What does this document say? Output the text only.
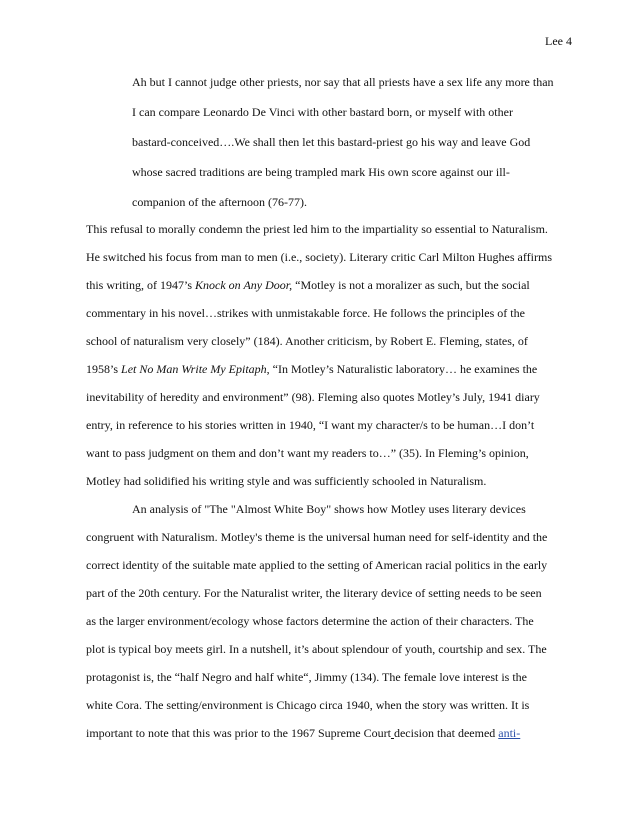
Lee 4
Ah but I cannot judge other priests, nor say that all priests have a sex life any more than
I can compare Leonardo De Vinci with other bastard born, or myself with other
bastard-conceived….We shall then let this bastard-priest go his way and leave God
whose sacred traditions are being trampled mark His own score against our ill-
companion of the afternoon (76-77).
This refusal to morally condemn the priest led him to the impartiality so essential to Naturalism.
He switched his focus from man to men (i.e., society). Literary critic Carl Milton Hughes affirms
this writing, of 1947’s Knock on Any Door, “Motley is not a moralizer as such, but the social
commentary in his novel…strikes with unmistakable force. He follows the principles of the
school of naturalism very closely” (184). Another criticism, by Robert E. Fleming, states, of
1958’s Let No Man Write My Epitaph, “In Motley’s Naturalistic laboratory… he examines the
inevitability of heredity and environment” (98). Fleming also quotes Motley’s July, 1941 diary
entry, in reference to his stories written in 1940, “I want my character/s to be human…I don’t
want to pass judgment on them and don’t want my readers to…” (35). In Fleming’s opinion,
Motley had solidified his writing style and was sufficiently schooled in Naturalism.
An analysis of "The "Almost White Boy" shows how Motley uses literary devices
congruent with Naturalism. Motley's theme is the universal human need for self-identity and the
correct identity of the suitable mate applied to the setting of American racial politics in the early
part of the 20th century. For the Naturalist writer, the literary device of setting needs to be seen
as the larger environment/ecology whose factors determine the action of their characters. The
plot is typical boy meets girl. In a nutshell, it’s about splendour of youth, courtship and sex. The
protagonist is, the “half Negro and half white“, Jimmy (134). The female love interest is the
white Cora. The setting/environment is Chicago circa 1940, when the story was written. It is
important to note that this was prior to the 1967 Supreme Court decision that deemed anti-
